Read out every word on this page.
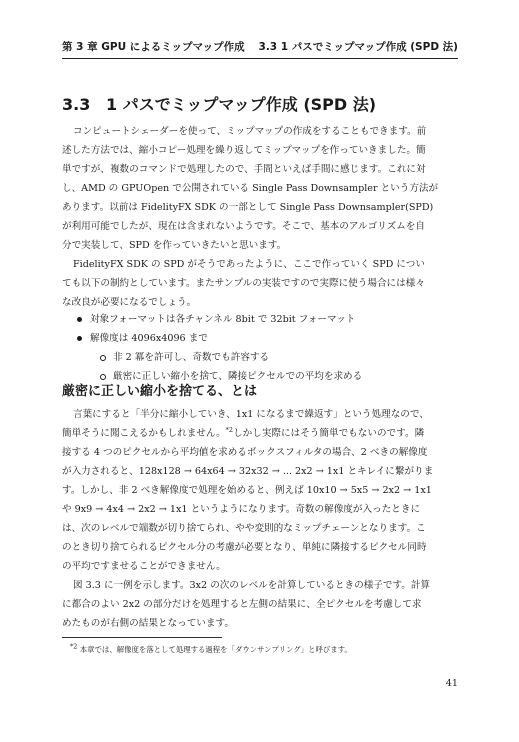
第 3 章 GPU によるミップマップ作成 3.3 1 パスでミップマップ作成 (SPD 法)
3.3 1 パスでミップマップ作成 (SPD 法)
コンピュートシェーダーを使って、ミップマップの作成をすることもできます。前
述した方法では、縮小コピー処理を繰り返してミップマップを作っていきました。簡
単ですが、複数のコマンドで処理したので、手間といえば手間に感じます。これに対
し、AMD の GPUOpen で公開されている Single Pass Downsampler という方法が
あります。以前は FidelityFX SDK の一部として Single Pass Downsampler(SPD)
が利用可能でしたが、現在は含まれないようです。そこで、基本のアルゴリズムを自
分で実装して、SPD を作っていきたいと思います。
FidelityFX SDK の SPD がそうであったように、ここで作っていく SPD につい
ても以下の制約としています。またサンプルの実装ですので実際に使う場合には様々
な改良が必要になるでしょう。
対象フォーマットは各チャンネル 8bit で 32bit フォーマット
解像度は 4096x4096 まで
非 2 冪を許可し、奇数でも許容する
厳密に正しい縮小を捨て、隣接ピクセルでの平均を求める
厳密に正しい縮小を捨てる、とは
言葉にすると「半分に縮小していき、1x1 になるまで繰返す」という処理なので、
簡単そうに聞こえるかもしれません。$^{*2}$しかし実際にはそう簡単でもないのです。隣
接する 4 つのピクセルから平均値を求めるボックスフィルタの場合、2 べきの解像度
が入力されると、128x128 → 64x64 → 32x32 → ... 2x2 → 1x1 とキレイに繋がりま
す。しかし、非 2 べき解像度で処理を始めると、例えば 10x10 → 5x5 → 2x2 → 1x1
や 9x9 → 4x4 → 2x2 → 1x1 というようになります。奇数の解像度が入ったときに
は、次のレベルで端数が切り捨てられ、やや変則的なミップチェーンとなります。こ
のとき切り捨てられるピクセル分の考慮が必要となり、単純に隣接するピクセル同時
の平均ですませることができません。
図 3.3 に一例を示します。3x2 の次のレベルを計算しているときの様子です。計算
に都合のよい 2x2 の部分だけを処理すると左側の結果に、全ピクセルを考慮して求
めたものが右側の結果となっています。
$^{*2}$ 本章では、解像度を落として処理する過程を「ダウンサンプリング」と呼びます。
41
